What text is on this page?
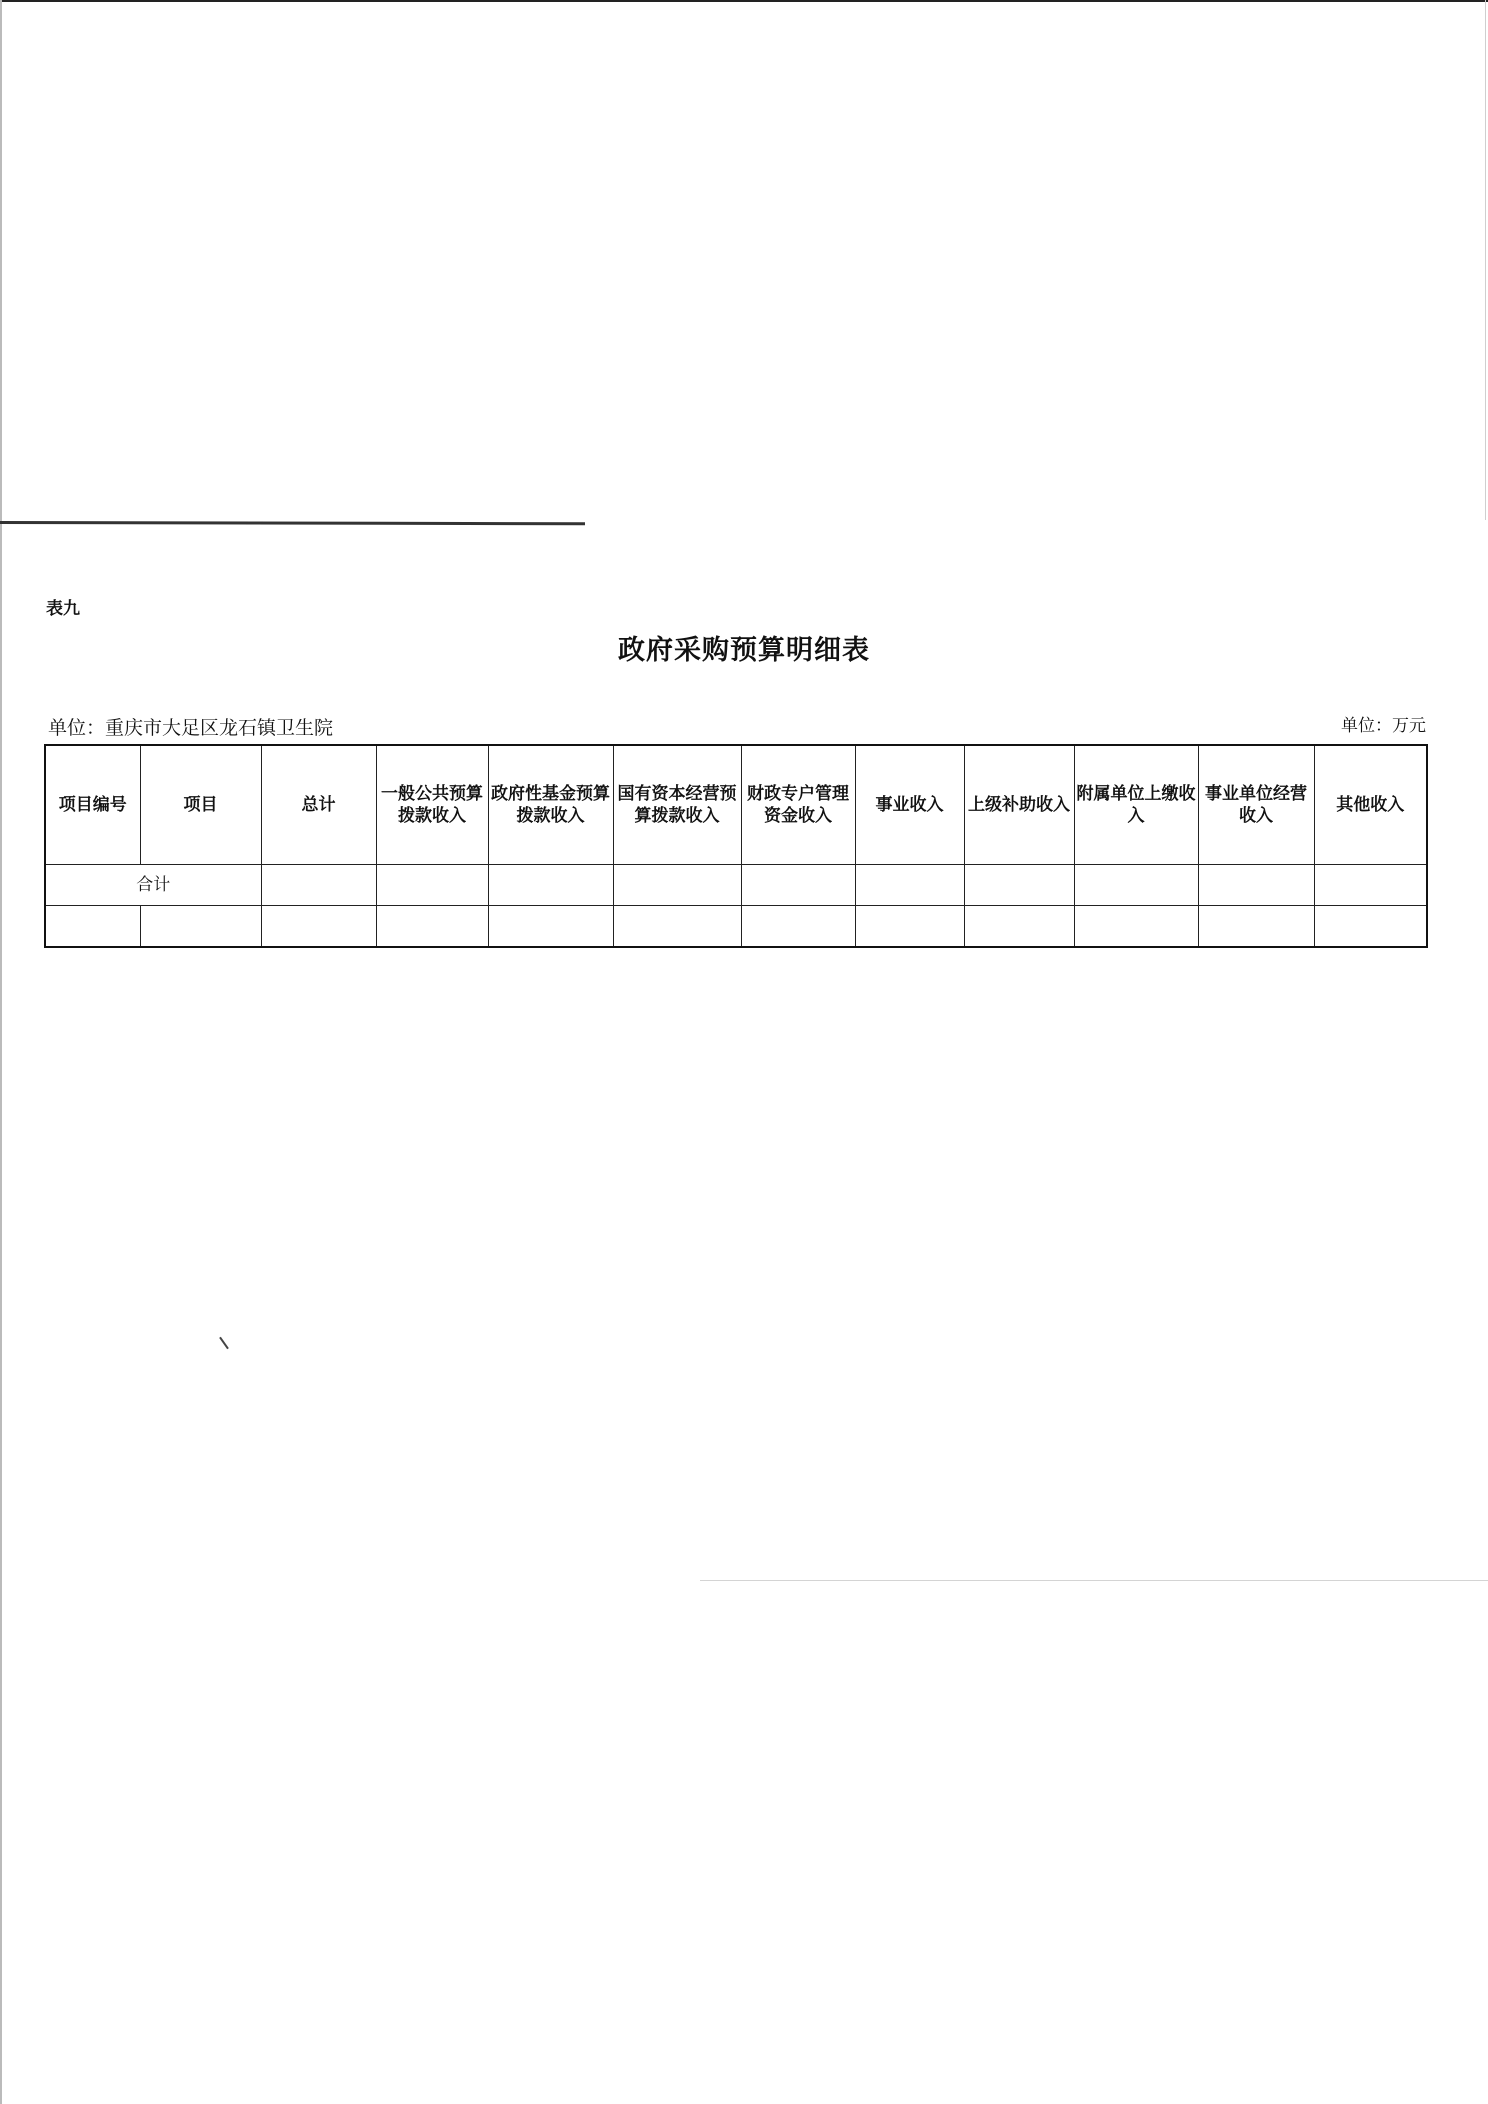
表九
政府采购预算明细表
单位：重庆市大足区龙石镇卫生院	单位：万元
项目编号	项目	总计	一般公共预算拨款收入	政府性基金预算拨款收入	国有资本经营预算拨款收入	财政专户管理资金收入	事业收入	上级补助收入	附属单位上缴收入	事业单位经营收入	其他收入
合计											
